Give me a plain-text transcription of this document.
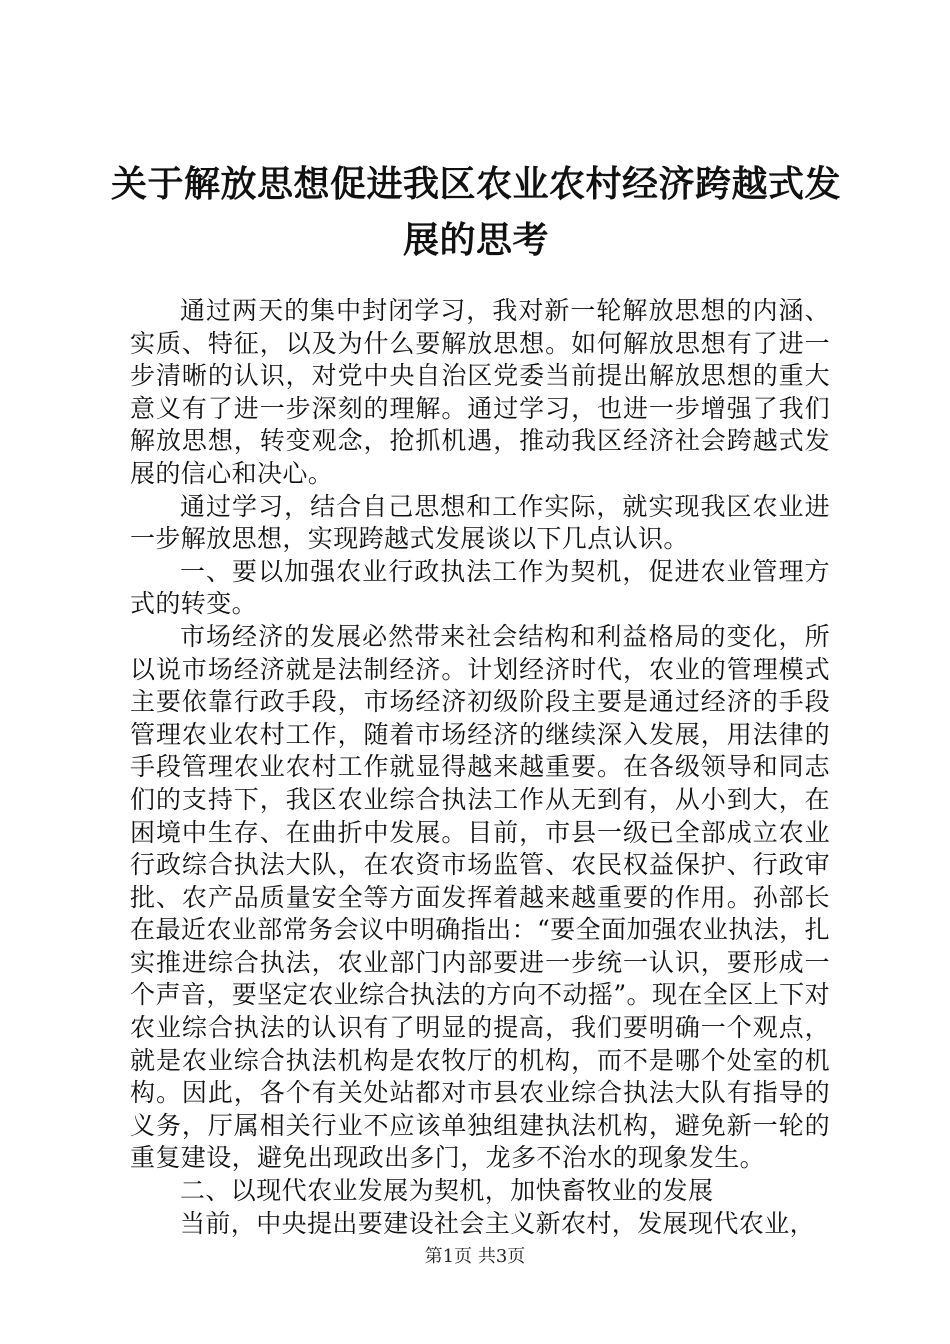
关于解放思想促进我区农业农村经济跨越式发展的思考

通过两天的集中封闭学习，我对新一轮解放思想的内涵、实质、特征，以及为什么要解放思想。如何解放思想有了进一步清晰的认识，对党中央自治区党委当前提出解放思想的重大意义有了进一步深刻的理解。通过学习，也进一步增强了我们解放思想，转变观念，抢抓机遇，推动我区经济社会跨越式发展的信心和决心。

通过学习，结合自己思想和工作实际，就实现我区农业进一步解放思想，实现跨越式发展谈以下几点认识。

一、要以加强农业行政执法工作为契机，促进农业管理方式的转变。

市场经济的发展必然带来社会结构和利益格局的变化，所以说市场经济就是法制经济。计划经济时代，农业的管理模式主要依靠行政手段，市场经济初级阶段主要是通过经济的手段管理农业农村工作，随着市场经济的继续深入发展，用法律的手段管理农业农村工作就显得越来越重要。在各级领导和同志们的支持下，我区农业综合执法工作从无到有，从小到大，在困境中生存、在曲折中发展。目前，市县一级已全部成立农业行政综合执法大队，在农资市场监管、农民权益保护、行政审批、农产品质量安全等方面发挥着越来越重要的作用。孙部长在最近农业部常务会议中明确指出：“要全面加强农业执法，扎实推进综合执法，农业部门内部要进一步统一认识，要形成一个声音，要坚定农业综合执法的方向不动摇”。现在全区上下对农业综合执法的认识有了明显的提高，我们要明确一个观点，就是农业综合执法机构是农牧厅的机构，而不是哪个处室的机构。因此，各个有关处站都对市县农业综合执法大队有指导的义务，厅属相关行业不应该单独组建执法机构，避免新一轮的重复建设，避免出现政出多门，龙多不治水的现象发生。

二、以现代农业发展为契机，加快畜牧业的发展

当前，中央提出要建设社会主义新农村，发展现代农业，

第1页 共3页
